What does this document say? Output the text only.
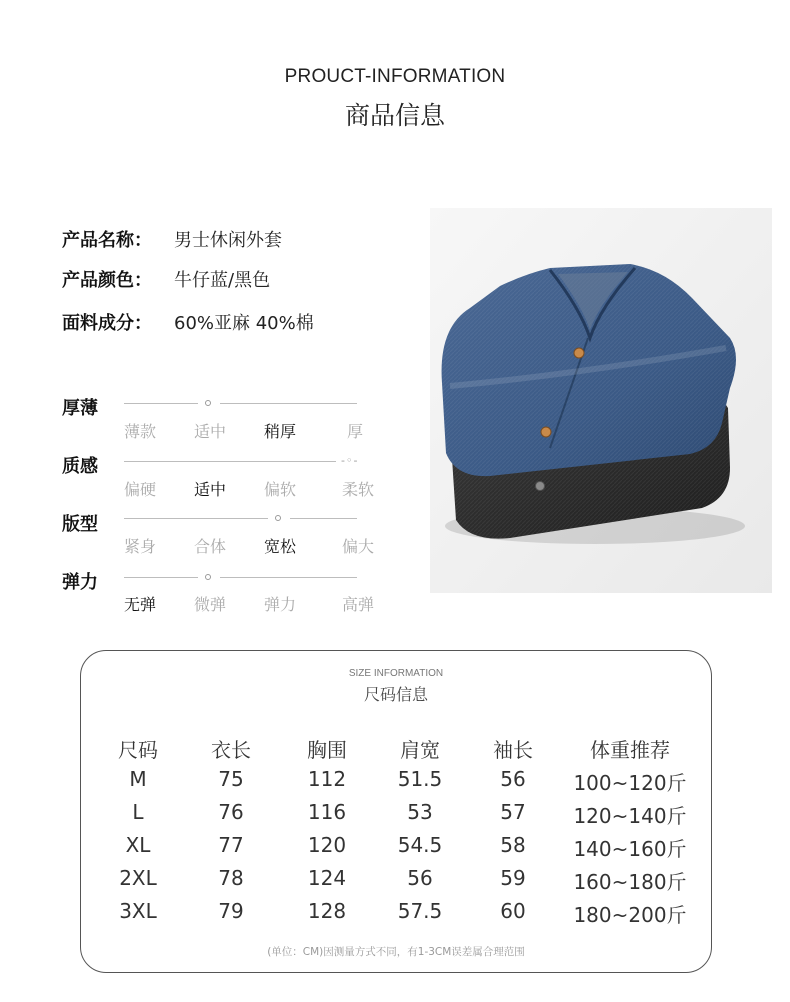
PROUCT-INFORMATION
商品信息
产品名称： 男士休闲外套
产品颜色： 牛仔蓝/黑色
面料成分： 60%亚麻 40%棉
厚薄
薄款	适中	稍厚	厚
质感	-◦-
偏硬	适中	偏软	柔软
版型
紧身	合体	宽松	偏大
弹力
无弹	微弹	弹力	高弹
SIZE INFORMATION
尺码信息
尺码	衣长	胸围	肩宽	袖长	体重推荐
M	75	112	51.5	56	100~120斤
L	76	116	53	57	120~140斤
XL	77	120	54.5	58	140~160斤
2XL	78	124	56	59	160~180斤
3XL	79	128	57.5	60	180~200斤
(单位：CM)因测量方式不同，有1-3CM误差属合理范围
